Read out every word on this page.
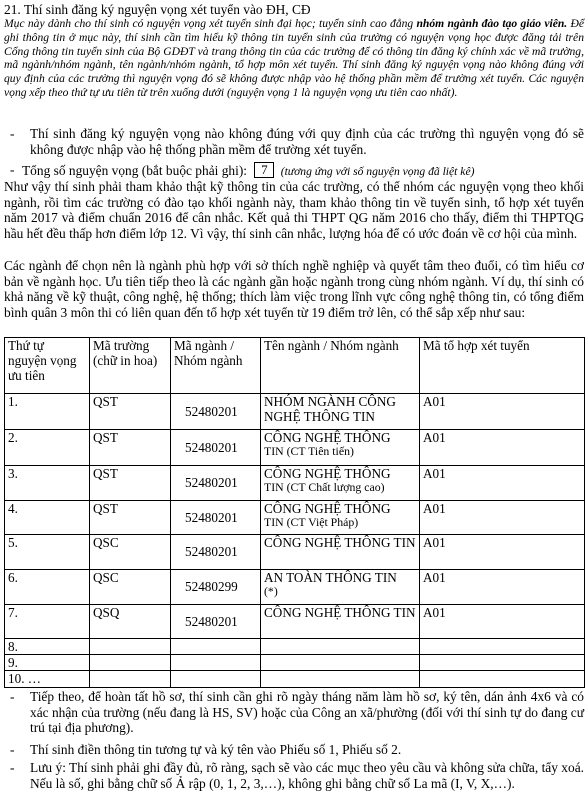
21. Thí sinh đăng ký nguyện vọng xét tuyển vào ĐH, CĐ
Mục này dành cho thí sinh có nguyện vọng xét tuyển sinh đại học; tuyển sinh cao đẳng nhóm ngành đào tạo giáo viên. Để ghi thông tin ở mục này, thí sinh cần tìm hiểu kỹ thông tin tuyển sinh của trường có nguyện vọng học được đăng tải trên Cổng thông tin tuyển sinh của Bộ GDĐT và trang thông tin của các trường để có thông tin đăng ký chính xác về mã trường, mã ngành/nhóm ngành, tên ngành/nhóm ngành, tổ hợp môn xét tuyển. Thí sinh đăng ký nguyện vọng nào không đúng với quy định của các trường thì nguyện vọng đó sẽ không được nhập vào hệ thống phần mềm để trường xét tuyển. Các nguyện vọng xếp theo thứ tự ưu tiên từ trên xuống dưới (nguyện vọng 1 là nguyện vọng ưu tiên cao nhất).
- Thí sinh đăng ký nguyện vọng nào không đúng với quy định của các trường thì nguyện vọng đó sẽ không được nhập vào hệ thống phần mềm để trường xét tuyển.
- Tổng số nguyện vọng (bắt buộc phải ghi): 7 (tương ứng với số nguyện vọng đã liệt kê)
Như vậy thí sinh phải tham khảo thật kỹ thông tin của các trường, có thể nhóm các nguyện vọng theo khối ngành, rồi tìm các trường có đào tạo khối ngành này, tham khảo thông tin về tuyển sinh, tổ hợp xét tuyển năm 2017 và điểm chuẩn 2016 để cân nhắc. Kết quả thi THPT QG năm 2016 cho thấy, điểm thi THPTQG hầu hết đều thấp hơn điểm lớp 12. Vì vậy, thí sinh cân nhắc, lượng hóa để có ước đoán về cơ hội của mình.
Các ngành để chọn nên là ngành phù hợp với sở thích nghề nghiệp và quyết tâm theo đuổi, có tìm hiểu cơ bản về ngành học. Ưu tiên tiếp theo là các ngành gần hoặc ngành trong cùng nhóm ngành. Ví dụ, thí sinh có khả năng về kỹ thuật, công nghệ, hệ thống; thích làm việc trong lĩnh vực công nghệ thông tin, có tổng điểm bình quân 3 môn thi có liên quan đến tổ hợp xét tuyển từ 19 điểm trở lên, có thể sắp xếp như sau:
Thứ tự nguyện vọng ưu tiên	Mã trường (chữ in hoa)	Mã ngành / Nhóm ngành	Tên ngành / Nhóm ngành	Mã tổ hợp xét tuyển
1.	QST	52480201	NHÓM NGÀNH CÔNG NGHỆ THÔNG TIN	A01
2.	QST	52480201	CÔNG NGHỆ THÔNG
TIN (CT Tiên tiến)	A01
3.	QST	52480201	CÔNG NGHỆ THÔNG
TIN (CT Chất lượng cao)	A01
4.	QST	52480201	CÔNG NGHỆ THÔNG
TIN (CT Việt Pháp)	A01
5.	QSC	52480201	CÔNG NGHỆ THÔNG TIN	A01
6.	QSC	52480299	AN TOÀN THÔNG TIN
(*)	A01
7.	QSQ	52480201	CÔNG NGHỆ THÔNG TIN	A01
8.				
9.				
10. …				
- Tiếp theo, để hoàn tất hồ sơ, thí sinh cần ghi rõ ngày tháng năm làm hồ sơ, ký tên, dán ảnh 4x6 và có xác nhận của trường (nếu đang là HS, SV) hoặc của Công an xã/phường (đối với thí sinh tự do đang cư trú tại địa phương).
- Thí sinh điền thông tin tương tự và ký tên vào Phiếu số 1, Phiếu số 2.
- Lưu ý: Thí sinh phải ghi đầy đủ, rõ ràng, sạch sẽ vào các mục theo yêu cầu và không sửa chữa, tẩy xoá. Nếu là số, ghi bằng chữ số Ả rập (0, 1, 2, 3,…), không ghi bằng chữ số La mã (I, V, X,…).
